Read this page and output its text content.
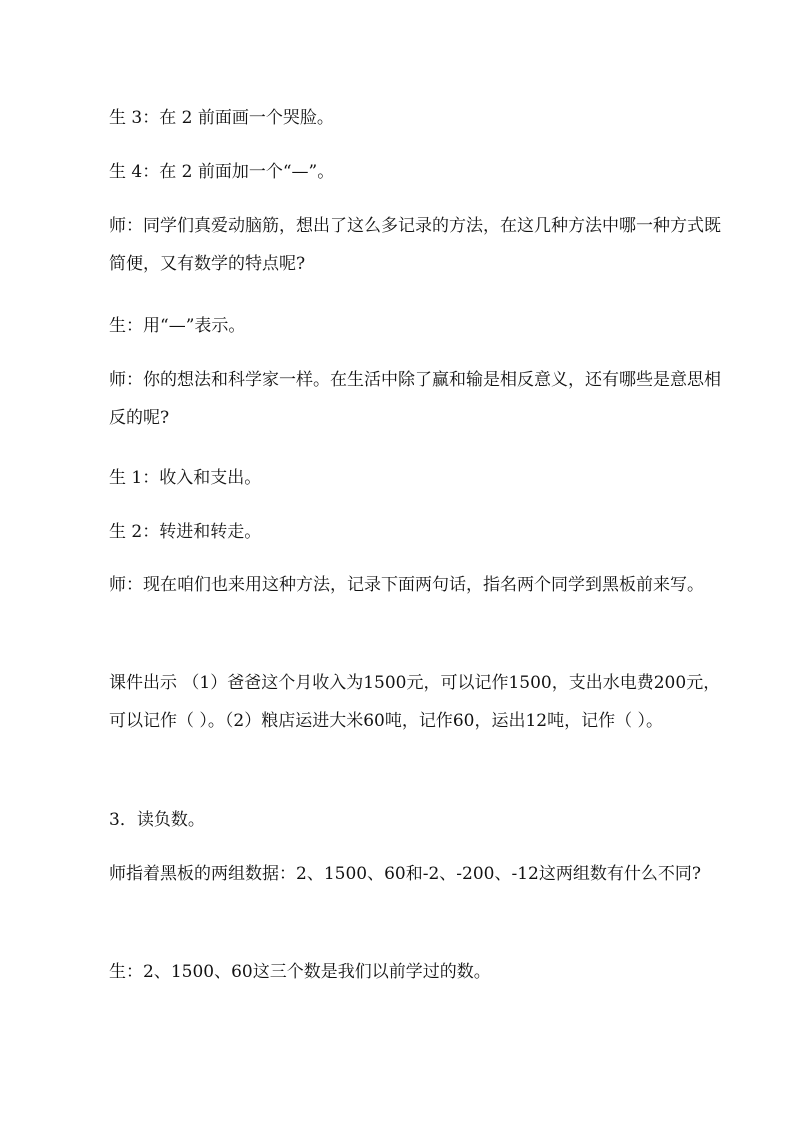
生 3：在 2 前面画一个哭脸。

生 4：在 2 前面加一个“—”。

师：同学们真爱动脑筋，想出了这么多记录的方法，在这几种方法中哪一种方式既简便，又有数学的特点呢?

生：用“—”表示。

师：你的想法和科学家一样。在生活中除了赢和输是相反意义，还有哪些是意思相反的呢?

生 1：收入和支出。

生 2：转进和转走。

师：现在咱们也来用这种方法，记录下面两句话，指名两个同学到黑板前来写。

课件出示 （1）爸爸这个月收入为1500元，可以记作1500，支出水电费200元，可以记作（ ）。（2）粮店运进大米60吨，记作60，运出12吨，记作（ ）。

3．读负数。

师指着黑板的两组数据：2、1500、60和-2、-200、-12这两组数有什么不同?

生：2、1500、60这三个数是我们以前学过的数。
